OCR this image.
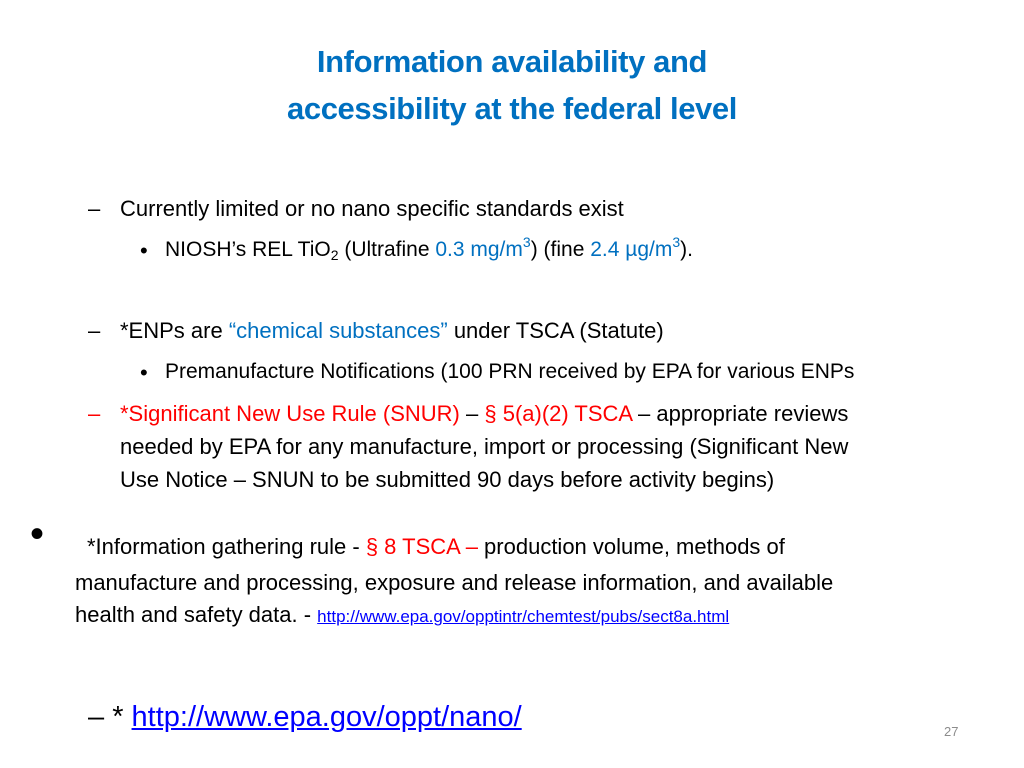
Information availability and
accessibility at the federal level
– Currently limited or no nano specific standards exist
• NIOSH’s REL TiO$_2$ (Ultrafine 0.3 $mg/m^3$) (fine 2.4 $\mu g/m^3$).
– *ENPs are “chemical substances” under TSCA (Statute)
• Premanufacture Notifications (100 PRN received by EPA for various ENPs
– *Significant New Use Rule (SNUR) – § 5(a)(2) TSCA – appropriate reviews
needed by EPA for any manufacture, import or processing (Significant New
Use Notice – SNUN to be submitted 90 days before activity begins)
•	*Information gathering rule - § 8 TSCA – production volume, methods of
manufacture and processing, exposure and release information, and available
health and safety data. - http://www.epa.gov/opptintr/chemtest/pubs/sect8a.html
– * http://www.epa.gov/oppt/nano/	27
